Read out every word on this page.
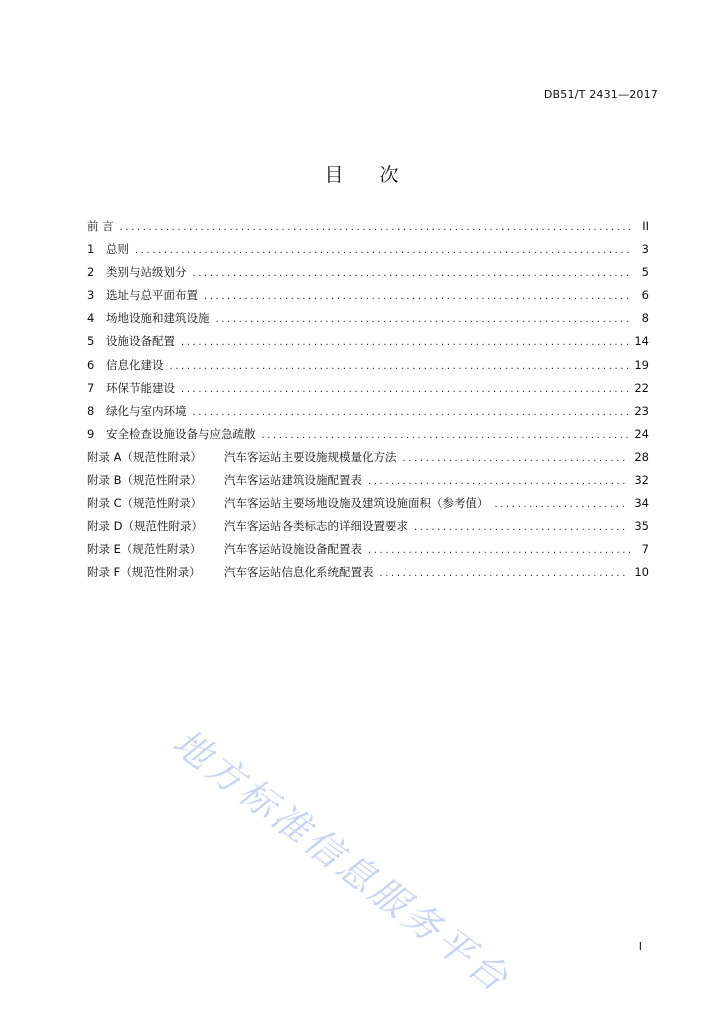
DB51/T 2431—2017
目 次
前 言 .....	II
1	总则 .....	3
2	类别与站级划分 .....	5
3	选址与总平面布置 .....	6
4	场地设施和建筑设施 .....	8
5	设施设备配置 .....	14
6	信息化建设 .....	19
7	环保节能建设 .....	22
8	绿化与室内环境 .....	23
9	安全检查设施设备与应急疏散 .....	24
附录 A（规范性附录）	汽车客运站主要设施规模量化方法 .....	28
附录 B（规范性附录）	汽车客运站建筑设施配置表 .....	32
附录 C（规范性附录）	汽车客运站主要场地设施及建筑设施面积（参考值） .....	34
附录 D（规范性附录）	汽车客运站各类标志的详细设置要求 .....	35
附录 E（规范性附录）	汽车客运站设施设备配置表 .....	7
附录 F（规范性附录）	汽车客运站信息化系统配置表 .....	10
地方标准信息服务平台	I
